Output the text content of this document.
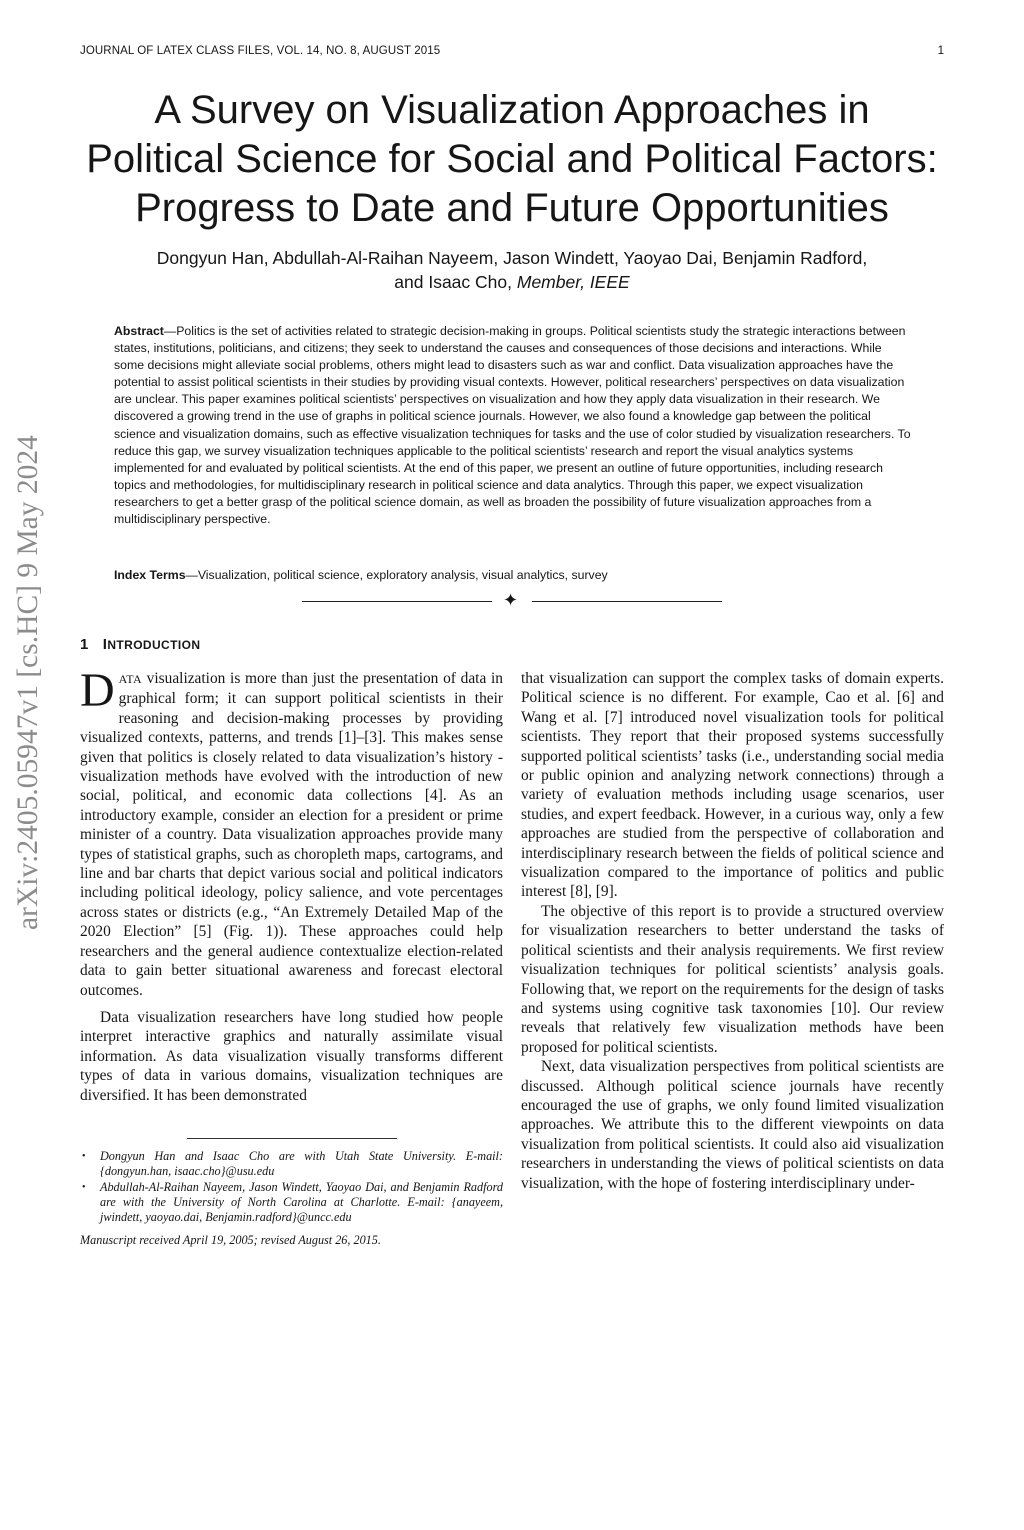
JOURNAL OF LATEX CLASS FILES, VOL. 14, NO. 8, AUGUST 2015	1
A Survey on Visualization Approaches in
Political Science for Social and Political Factors:
Progress to Date and Future Opportunities
Dongyun Han, Abdullah-Al-Raihan Nayeem, Jason Windett, Yaoyao Dai, Benjamin Radford,
and Isaac Cho, Member, IEEE
Abstract—Politics is the set of activities related to strategic decision-making in groups. Political scientists study the strategic interactions between states, institutions, politicians, and citizens; they seek to understand the causes and consequences of those decisions and interactions. While some decisions might alleviate social problems, others might lead to disasters such as war and conflict. Data visualization approaches have the potential to assist political scientists in their studies by providing visual contexts. However, political researchers’ perspectives on data visualization are unclear. This paper examines political scientists’ perspectives on visualization and how they apply data visualization in their research. We discovered a growing trend in the use of graphs in political science journals. However, we also found a knowledge gap between the political science and visualization domains, such as effective visualization techniques for tasks and the use of color studied by visualization researchers. To reduce this gap, we survey visualization techniques applicable to the political scientists’ research and report the visual analytics systems implemented for and evaluated by political scientists. At the end of this paper, we present an outline of future opportunities, including research topics and methodologies, for multidisciplinary research in political science and data analytics. Through this paper, we expect visualization researchers to get a better grasp of the political science domain, as well as broaden the possibility of future visualization approaches from a multidisciplinary perspective.
Index Terms—Visualization, political science, exploratory analysis, visual analytics, survey
✦
arXiv:2405.05947v1 [cs.HC] 9 May 2024 1 INTRODUCTION

DATA visualization is more than just the presentation of data in graphical form; it can support political scientists in their reasoning and decision-making processes by providing visualized contexts, patterns, and trends [1]–[3]. This makes sense given that politics is closely related to data visualization’s history - visualization methods have evolved with the introduction of new social, political, and economic data collections [4]. As an introductory example, consider an election for a president or prime minister of a country. Data visualization approaches provide many types of statistical graphs, such as choropleth maps, cartograms, and line and bar charts that depict various social and political indicators including political ideology, policy salience, and vote percentages across states or districts (e.g., “An Extremely Detailed Map of the 2020 Election” [5] (Fig. 1)). These approaches could help researchers and the general audience contextualize election-related data to gain better situational awareness and forecast electoral outcomes.

Data visualization researchers have long studied how people interpret interactive graphics and naturally assimilate visual information. As data visualization visually transforms different types of data in various domains, visualization techniques are diversified. It has been demonstrated

that visualization can support the complex tasks of domain experts. Political science is no different. For example, Cao et al. [6] and Wang et al. [7] introduced novel visualization tools for political scientists. They report that their proposed systems successfully supported political scientists’ tasks (i.e., understanding social media or public opinion and analyzing network connections) through a variety of evaluation methods including usage scenarios, user studies, and expert feedback. However, in a curious way, only a few approaches are studied from the perspective of collaboration and interdisciplinary research between the fields of political science and visualization compared to the importance of politics and public interest [8], [9].

The objective of this report is to provide a structured overview for visualization researchers to better understand the tasks of political scientists and their analysis requirements. We first review visualization techniques for political scientists’ analysis goals. Following that, we report on the requirements for the design of tasks and systems using cognitive task taxonomies [10]. Our review reveals that relatively few visualization methods have been proposed for political scientists.

Next, data visualization perspectives from political scientists are discussed. Although political science journals have recently encouraged the use of graphs, we only found limited visualization approaches. We attribute this to the different viewpoints on data visualization from political scientists. It could also aid visualization researchers in understanding the views of political scientists on data visualization, with the hope of fostering interdisciplinary under-

• Dongyun Han and Isaac Cho are with Utah State University. E-mail: {dongyun.han, isaac.cho}@usu.edu
• Abdullah-Al-Raihan Nayeem, Jason Windett, Yaoyao Dai, and Benjamin Radford are with the University of North Carolina at Charlotte. E-mail: {anayeem, jwindett, yaoyao.dai, Benjamin.radford}@uncc.edu
Manuscript received April 19, 2005; revised August 26, 2015.
